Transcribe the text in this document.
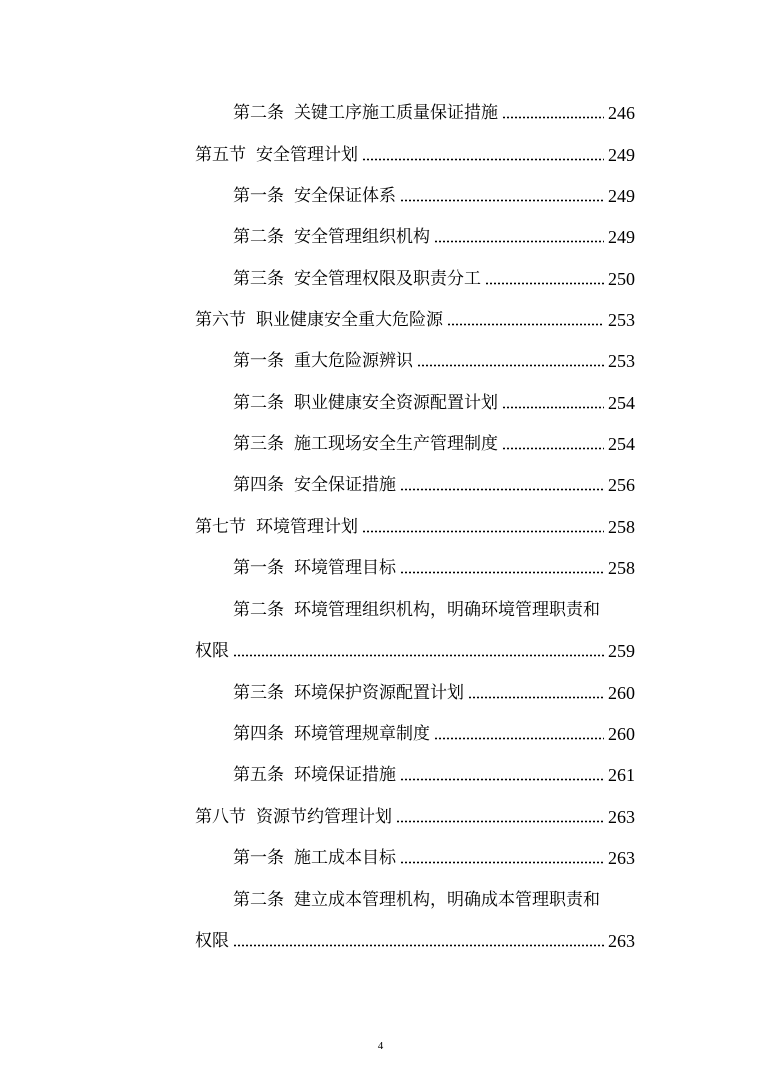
第二条 关键工序施工质量保证措施	246
第五节 安全管理计划	249
第一条 安全保证体系	249
第二条 安全管理组织机构	249
第三条 安全管理权限及职责分工	250
第六节 职业健康安全重大危险源	253
第一条 重大危险源辨识	253
第二条 职业健康安全资源配置计划	254
第三条 施工现场安全生产管理制度	254
第四条 安全保证措施	256
第七节 环境管理计划	258
第一条 环境管理目标	258
第二条 环境管理组织机构，明确环境管理职责和
权限	259
第三条 环境保护资源配置计划	260
第四条 环境管理规章制度	260
第五条 环境保证措施	261
第八节 资源节约管理计划	263
第一条 施工成本目标	263
第二条 建立成本管理机构，明确成本管理职责和
权限	263
4
